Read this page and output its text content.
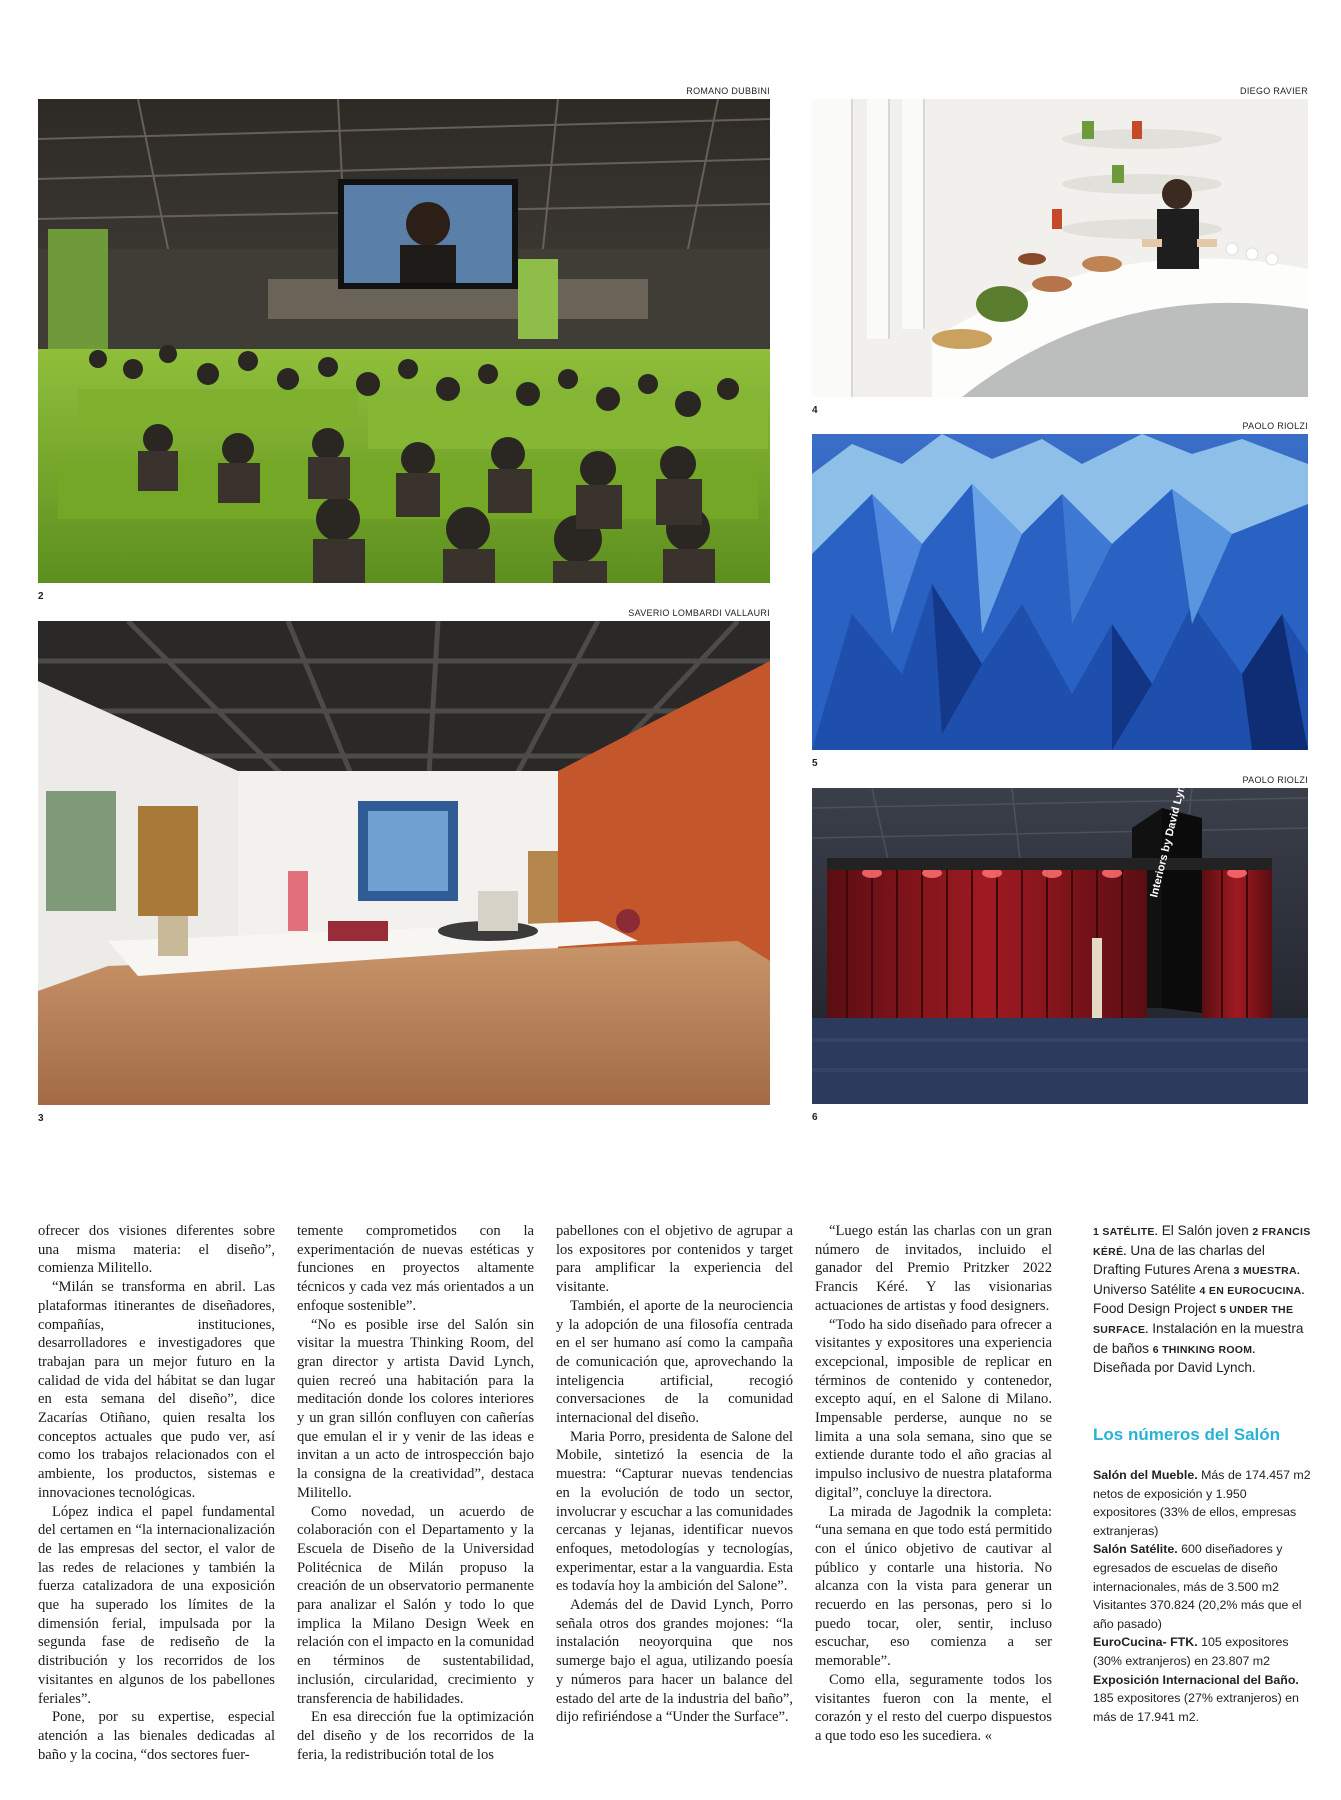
ROMANO DUBBINI
2
SAVERIO LOMBARDI VALLAURI
3
DIEGO RAVIER
4
PAOLO RIOLZI
5
PAOLO RIOLZI
Interiors by David
6

ofrecer dos visiones diferentes sobre una misma materia: el diseño”, comienza Militello.

“Milán se transforma en abril. Las plataformas itinerantes de diseñadores, compañías, instituciones, desarrolladores e investigadores que trabajan para un mejor futuro en la calidad de vida del hábitat se dan lugar en esta semana del diseño”, dice Zacarías Otiñano, quien resalta los conceptos actuales que pudo ver, así como los trabajos relacionados con el ambiente, los productos, sistemas e innovaciones tecnológicas.

López indica el papel fundamental del certamen en “la internacionalización de las empresas del sector, el valor de las redes de relaciones y también la fuerza catalizadora de una exposición que ha superado los límites de la dimensión ferial, impulsada por la segunda fase de rediseño de la distribución y los recorridos de los visitantes en algunos de los pabellones feriales”.

Pone, por su expertise, especial atención a las bienales dedicadas al baño y la cocina, “dos sectores fuer-

temente comprometidos con la experimentación de nuevas estéticas y funciones en proyectos altamente técnicos y cada vez más orientados a un enfoque sostenible”.

“No es posible irse del Salón sin visitar la muestra Thinking Room, del gran director y artista David Lynch, quien recreó una habitación para la meditación donde los colores interiores y un gran sillón confluyen con cañerías que emulan el ir y venir de las ideas e invitan a un acto de introspección bajo la consigna de la creatividad”, destaca Militello.

Como novedad, un acuerdo de colaboración con el Departamento y la Escuela de Diseño de la Universidad Politécnica de Milán propuso la creación de un observatorio permanente para analizar el Salón y todo lo que implica la Milano Design Week en relación con el impacto en la comunidad en términos de sustentabilidad, inclusión, circularidad, crecimiento y transferencia de habilidades.

En esa dirección fue la optimización del diseño y de los recorridos de la feria, la redistribución total de los

pabellones con el objetivo de agrupar a los expositores por contenidos y target para amplificar la experiencia del visitante.

También, el aporte de la neurociencia y la adopción de una filosofía centrada en el ser humano así como la campaña de comunicación que, aprovechando la inteligencia artificial, recogió conversaciones de la comunidad internacional del diseño.

Maria Porro, presidenta de Salone del Mobile, sintetizó la esencia de la muestra: “Capturar nuevas tendencias en la evolución de todo un sector, involucrar y escuchar a las comunidades cercanas y lejanas, identificar nuevos enfoques, metodologías y tecnologías, experimentar, estar a la vanguardia. Esta es todavía hoy la ambición del Salone”.

Además del de David Lynch, Porro señala otros dos grandes mojones: “la instalación neoyorquina que nos sumerge bajo el agua, utilizando poesía y números para hacer un balance del estado del arte de la industria del baño”, dijo refiriéndose a “Under the Surface”.

“Luego están las charlas con un gran número de invitados, incluido el ganador del Premio Pritzker 2022 Francis Kéré. Y las visionarias actuaciones de artistas y food designers.

“Todo ha sido diseñado para ofrecer a visitantes y expositores una experiencia excepcional, imposible de replicar en términos de contenido y contenedor, excepto aquí, en el Salone di Milano. Impensable perderse, aunque no se limita a una sola semana, sino que se extiende durante todo el año gracias al impulso inclusivo de nuestra plataforma digital”, concluye la directora.

La mirada de Jagodnik la completa: “una semana en que todo está permitido con el único objetivo de cautivar al público y contarle una historia. No alcanza con la vista para generar un recuerdo en las personas, pero si lo puedo tocar, oler, sentir, incluso escuchar, eso comienza a ser memorable”.

Como ella, seguramente todos los visitantes fueron con la mente, el corazón y el resto del cuerpo dispuestos a que todo eso les sucediera. «

1 SATÉLITE. El Salón joven 2 FRANCIS KÉRÉ. Una de las charlas del Drafting Futures Arena 3 MUESTRA. Universo Satélite 4 EN EUROCUCINA. Food Design Project 5 UNDER THE SURFACE. Instalación en la muestra de baños 6 THINKING ROOM. Diseñada por David Lynch.
Los números del Salón
Salón del Mueble. Más de 174.457 m2 netos de exposición y 1.950 expositores (33% de ellos, empresas extranjeras)
Salón Satélite. 600 diseñadores y egresados de escuelas de diseño internacionales, más de 3.500 m2 Visitantes 370.824 (20,2% más que el año pasado)
EuroCucina- FTK. 105 expositores (30% extranjeros) en 23.807 m2
Exposición Internacional del Baño. 185 expositores (27% extranjeros) en más de 17.941 m2.
